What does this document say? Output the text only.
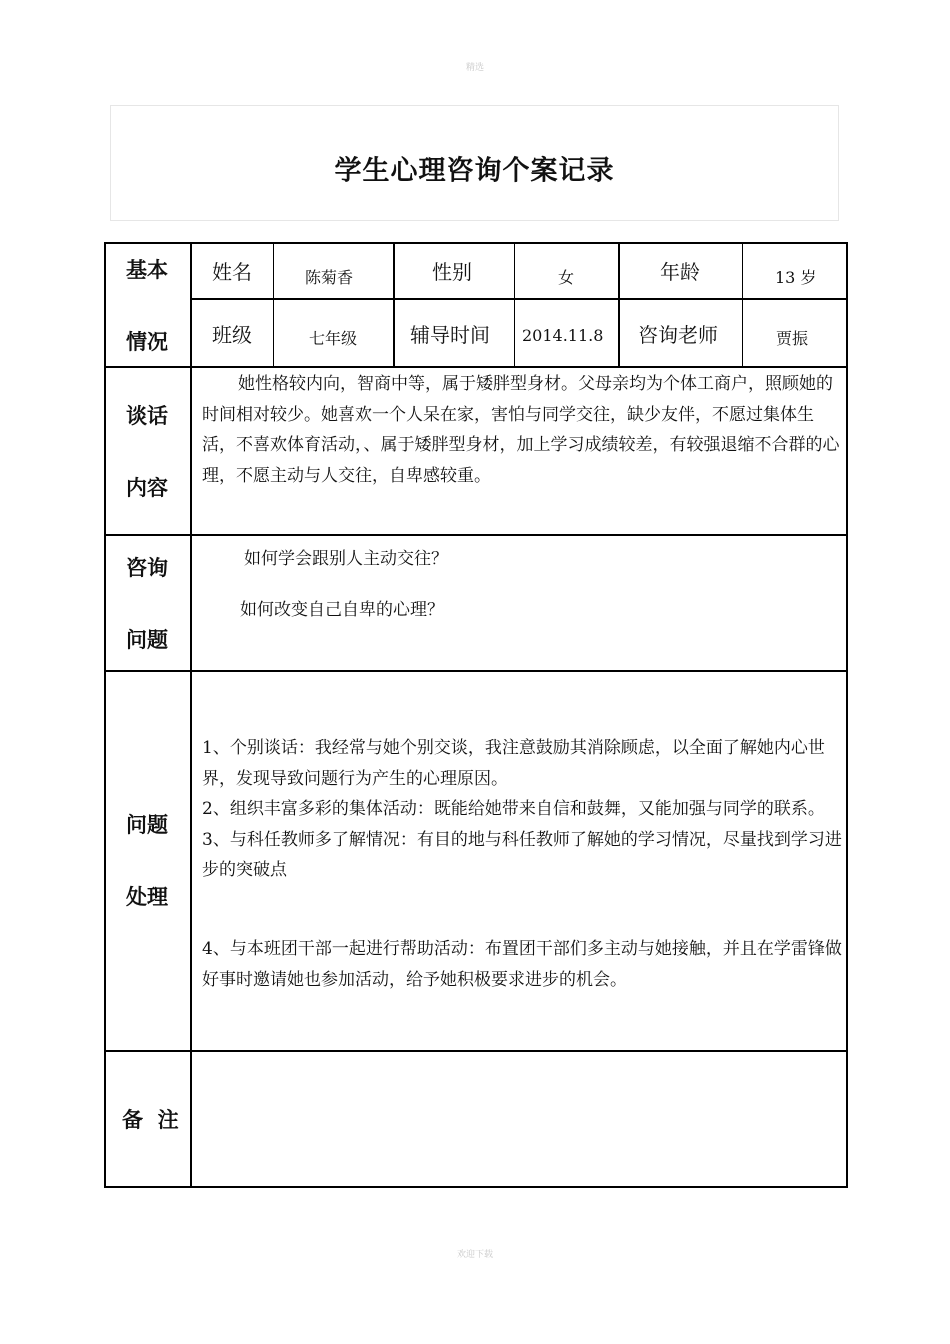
精选
学生心理咨询个案记录
基本
情况
姓名	陈菊香	性别	女	年龄	13 岁
班级	七年级	辅导时间 2014.11.8 咨询老师	贾振
谈话
内容

她性格较内向，智商中等，属于矮胖型身材。父母亲均为个体工商户，照顾她的时间相对较少。她喜欢一个人呆在家，害怕与同学交往，缺少友伴，不愿过集体生活，不喜欢体育活动，、属于矮胖型身材，加上学习成绩较差，有较强退缩不合群的心理，不愿主动与人交往，自卑感较重。

咨询
问题
如何学会跟别人主动交往？
如何改变自己自卑的心理？
问题
处理

1、个别谈话：我经常与她个别交谈，我注意鼓励其消除顾虑，以全面了解她内心世界，发现导致问题行为产生的心理原因。

2、组织丰富多彩的集体活动：既能给她带来自信和鼓舞，又能加强与同学的联系。

3、与科任教师多了解情况：有目的地与科任教师了解她的学习情况，尽量找到学习进步的突破点

4、与本班团干部一起进行帮助活动：布置团干部们多主动与她接触，并且在学雷锋做好事时邀请她也参加活动，给予她积极要求进步的机会。

备  注
欢迎下载
